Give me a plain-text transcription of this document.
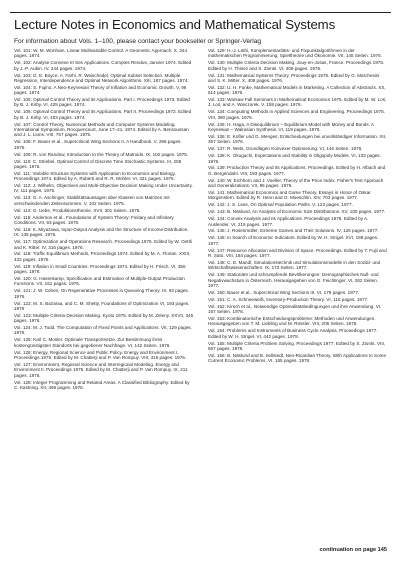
Lecture Notes in Economics and Mathematical Systems
For information about Vols. 1–100, please contact your bookseller or Springer-Verlag
Vol. 101: W. M. Wonham, Linear Multivariable Control. A Geometric Approach. X, 344 pages. 1974.
Vol. 102: Analyse Convexe et Ses Applications. Comptes Rendus, Janvier 1974. Edited by J.-P. Aubin. IV, 244 pages. 1974.
Vol. 103: D. E. Boyce, A. Farhi, R. Weischedel, Optimal Subset Selection. Multiple Regression, Interdependence and Optimal Network Algorithms. XIII, 187 pages. 1974.
Vol. 104: S. Fujino, A Neo-Keynesian Theory of Inflation and Economic Growth. V, 96 pages. 1974.
Vol. 105: Optimal Control Theory and its Applications. Part I. Proceedings 1973. Edited by B. J. Kirby. VI, 425 pages. 1974.
Vol. 106: Optimal Control Theory and its Applications. Part II. Proceedings 1973. Edited by B. J. Kirby. VI, 403 pages. 1974.
Vol. 107: Control Theory, Numerical Methods and Computer Systems Modeling. International Symposium, Rocquencourt, June 17–21, 1974. Edited by A. Bensoussan and J. L. Lions. VIII, 757 pages. 1975.
Vol. 108: F. Bauer et al., Supercritical Wing Sections II. A Handbook. V, 296 pages. 1975.
Vol. 109: R. von Randow, Introduction to the Theory of Matroids. IX, 102 pages. 1975.
Vol. 110: C. Striebel, Optimal Control of Discrete Time Stochastic Systems. III, 208 pages. 1975.
Vol. 111: Variable Structure Systems with Application to Economics and Biology. Proceedings 1974. Edited by A. Ruberti and R. R. Mohler. VI, 321 pages. 1975.
Vol. 112: J. Wilhelm, Objectives and Multi-Objective Decision Making Under Uncertainty. IV, 111 pages. 1975.
Vol. 113: G. A. Aschinger, Stabilitätsaussagen über Klassen von Matrizen mit verschwindenden Zeilensummen. V, 102 Seiten. 1975.
Vol. 114: G. Uebe, Produktionstheorie. XVII, 301 Seiten. 1976.
Vol. 115: Anderson et al., Foundations of System Theory: Finitary and Infinitary Conditions. VII, 93 pages. 1976.
Vol. 116: K. Miyazawa, Input-Output Analysis and the Structure of Income Distribution. IX, 135 pages. 1976.
Vol. 117: Optimization and Operations Research. Proceedings 1975. Edited by W. Oettli and K. Ritter. IV, 316 pages. 1976.
Vol. 118: Traffic Equilibrium Methods, Proceedings 1974. Edited by M. A. Florian. XXIII, 432 pages. 1976.
Vol. 119: Inflation in Small Countries. Proceedings 1974. Edited by H. Frisch. VI, 356 pages. 1976.
Vol. 120: G. Hasenkamp, Specification and Estimation of Multiple-Output Production Functions. VII, 151 pages. 1976.
Vol. 121: J. W. Cohen, On Regenerative Processes in Queueing Theory. IX, 93 pages. 1976.
Vol. 122: M. S. Bazaraa, and C. M. Shetty, Foundations of Optimization VI, 193 pages. 1976
Vol. 123: Multiple Criteria Decision Making. Kyoto 1975. Edited by M. Zeleny. XXVII, 345 pages. 1976.
Vol. 124: M. J. Todd. The Computation of Fixed Points and Applications. VII, 129 pages. 1976.
Vol. 125: Karl C. Mosler. Optimale Transportnetze. Zur Bestimmung ihres kostengünstigsten Standorts bei gegebener Nachfrage. VI, 142 Seiten. 1976.
Vol. 126: Energy, Regional Science and Public Policy. Energy and Environment I. Proceedings 1975. Edited by M. Chatterji and P. Van Rompuy. VIII, 316 pages. 1976.
Vol. 127: Environment, Regional Science and Interregional Modeling. Energy and Environment II. Proceedings 1975. Edited by M. Chatterji and P. Van Rompuy. IX, 211 pages. 1976.
Vol. 128: Integer Programming and Related Areas. A Classified Bibliography. Edited by C. Kastning. XII, 495 pages. 1976.
Vol. 129: H.-J. Lüthi, Komplementaritäts- und Fixpunktalgorithmen in der mathematischen Programmierung, Spieltheorie und Ökonomie. VII, 145 Seiten. 1976.
Vol. 130: Multiple Criteria Decision Making, Jouy-en-Josas, France. Proceedings 1975. Edited by H. Thiriez and S. Zionts. VI, 409 pages. 1976.
Vol. 131: Mathematical Systems Theory. Proceedings 1975. Edited by G. Marchesini and S. K. Mitter. X, 408 pages. 1976.
Vol. 132: U. H. Funke, Mathematical Models in Marketing. A Collection of Abstracts. XX, 514 pages. 1976.
Vol. 133: Warsaw Fall Seminars in Mathematical Economics 1975. Edited by M. W. Loś, J. Loś, and A. Wieczorek. V. 159 pages. 1976.
Vol. 134: Computing Methods in Applied Sciences and Engineering. Proceedings 1975. VIII, 390 pages. 1976.
Vol. 135: H. Haga, A Disequilibrium – Equilibrium Model with Money and Bonds. A Keynesian – Walrasian Synthesis. VI, 119 pages. 1976.
Vol. 136: E. Kofler und G. Menges, Entscheidungen bei unvollständiger Information. XII, 357 Seiten. 1976.
Vol. 137: R. Wets, Grundlagen Konvexer Optimierung. VI, 146 Seiten. 1976.
Vol. 138: K. Okuguchi, Expectations and Stability in Oligopoly Models. VI, 103 pages. 1976.
Vol. 139: Production Theory and Its Applications. Proceedings. Edited by H. Albach and G. Bergendahl. VIII, 193 pages. 1977.
Vol. 140: W. Eichhorn and J. Voeller, Theory of the Price Index. Fisher's Test Approach and Generalizations. VII, 95 pages. 1976.
Vol. 141: Mathematical Economics and Game Theory. Essays in Honor of Oskar Morgenstern. Edited by R. Henn and O. Moeschlin. XIV, 703 pages. 1977.
Vol. 142: J. S. Lane, On Optimal Population Paths. V, 123 pages. 1977.
Vol. 143: B. Näslund, An Analysis of Economic Size Distributions. XV, 100 pages. 1977.
Vol. 144: Convex Analysis and Its Applications. Proceedings 1976. Edited by A. Auslender. VI, 219 pages. 1977.
Vol. 145: J. Rosenmüller, Extreme Games and Their Solutions. IV, 126 pages. 1977.
Vol. 146: In Search of Economic Indicators. Edited by W. H. Strigel. XVI, 198 pages. 1977.
Vol. 147: Resource Allocation and Division of Space. Proceedings. Edited by T. Fujii and R. Sato. VIII, 184 pages. 1977.
Vol. 148: C. E. Mandl, Simulationstechnik und Simulationsmodelle in den Sozial- und Wirtschaftswissenschaften. IX, 173 Seiten. 1977.
Vol. 149: Stationäre und schrumpfende Bevölkerungen: Demographisches Null- und Negativwachstum in Österreich. Herausgegeben von G. Feichtinger. VI, 262 Seiten. 1977.
Vol. 150: Bauer et al., Supercritical Wing Sections III. VI, 179 pages. 1977.
Vol. 151: C. A. Schneeweiß, Inventory-Production Theory. VI, 116 pages. 1977.
Vol. 152: Kirsch et al., Notwendige Optimalitätsbedingungen und ihre Anwendung. VI, 157 Seiten. 1978.
Vol. 153: Kombinatorische Entscheidungsprobleme: Methoden und Anwendungen. Herausgegeben von T. M. Liebling und M. Rössler. VIII, 206 Seiten. 1978.
Vol. 154: Problems and Instruments of Business Cycle Analysis. Proceedings 1977. Edited by W. H. Strigel. VI, 442 pages. 1978.
Vol. 155: Multiple Criteria Problem Solving. Proceedings 1977. Edited by S. Zionts. VIII, 567 pages. 1978.
Vol. 156: B. Näslund and B. Sellstedt, Neo-Ricardian Theory. With Applications to Some Current Economic Problems. VI, 165 pages. 1978.
continuation on page 145
